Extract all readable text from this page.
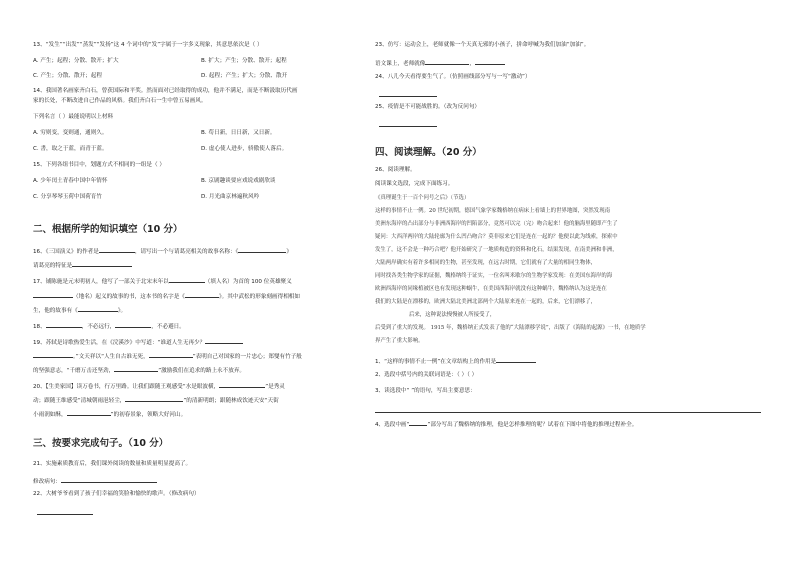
13、“发生”“出发”“蒸发”“发扬”这 4 个词中的“发”字属于一字多义现象，其意思依次是（ ）
A. 产生；起程；分散、散开；扩大	B. 扩大；产生；分散、散开；起程
C. 产生；分散、散开；起程	D. 起程；产生；扩大；分散、散开
14、我国著名画家齐白石，曾获国际和平奖。然而面对已经取得的成功，他并不满足，而是不断汲取历代画
家的长处，不断改进自己作品的风格。我们齐白石一生中曾五易画风。
下列名言（ ）最能说明以上材料
A. 穷则变，变则通，通则久。	B. 苟日新，日日新，又日新。
C. 書，取之于蓝，而青于蓝。	D. 虚心使人进步，骄傲使人落后。
15、下列各组书目中，划题方式不相同的一组是（ ）
A. 少年闰土青春中国中年情怀	B. 京剧趣谈要应戏说戏剧欣谈
C. 分享琴琴玉荷中国荷育竹	D. 月光曲京林遍秋风吟
二、根据所学的知识填空（10 分）
16、《三国演义》的作者是	，请写出一个与请葛亮相关的故事名称：《	》
请葛亮的特征是
17、铺陈施是元末明初人，他写了一部关于北宋末年以	（填人名）为首的 100 位英雄聚义
（地名）起义的故事的书，这本书的名字是《	》。其中武松的形象刻画得相相如
生，他的故事有《	》。
18、	，不必远行，	，不必避日。
19、苏轼是诗歌热爱生活，在《浣溪沙》中写道：“谁道人生无再少？
。”文天祥以“人生自古谁无死，	”表明自己对国家的一片忠心；郑燮有竹子般
的坚强意志，“千磨万击还坚劲，	”激励我们在追求的路上永不放弃。
20、【生美家国】读万卷书，行万里路。让我们跟随王观感受“水是眼波横，	”是秀灵
动；跟随王维感受“清城朝雨浥轻尘，	”的清新明朗；跟随林成饮迹天安“天街
小雨润如酥，	”的初春景象，领略大好河山。
三、按要求完成句子。（10 分）
21、实施素质教育后，我们课外阅读的数量和质量明显提高了。
修改病句：
22、大树爷爷看到了孩子们幸福的笑脸和愉快的歌声。（修改病句）
23、仿写：运动会上，老师就像一个天真无邪的小孩子，拼命呼喊为我们加油“加油”。
语文课上，老师就像	，
24、八儿今天看得要生气了。（仿照画线部分写与一写“激动”）
25、疫情是不可能战胜的。（改为反问句）
四、阅读理解。（20 分）
26、阅读理解。
阅读课文选段，完成下面练习。
《真理诞生于一百个问号之后》（节选）
这样的事情不止一例。20 世纪初期，德国气象学家魏格纳在病床上看墙上的世界地图，突然发现南
美洲东海岸的凸出部分与非洲西海岸的凹陷部分，竟然可以完（完）吻合起来！他的脑海里随即产生了
疑问：大西洋两岸的大陆轮廓为什么凹凸吻合？莫非原来它们是连在一起的？他便以此为线索，探索中
发生了，这不会是一种巧合吧？他开始研究了一地质构造的资料和化石，结果发现，在南美洲和非洲，
大陆两岸确实有着许多相同的生物，甚至发现，在远古时期，它们就有了大量的相同生物体，
同时找各类生物学家的证据，魏格纳终于证实，一位名叫米歇尔的生物学家发现：在美国东海岸的海
欧洲西海岸的同缘植被区也有发现这种蜗牛，在美国西海岸就没有这种蜗牛，魏格纳认为这是连在
我们的大陆是在漂移的，欧洲大陆北美洲北部两个大陆原来连在一起的，后来，它们漂移了，
后来，这种说法慢慢被人所接受了，
后受到了重大的发现。 1915 年，魏格纳正式发表了他的“大陆漂移学说”，出版了《海陆的起源》一书，在地质学
界产生了重大影响。
1、“这样的事情不止一例”在文章结构上的作用是
2、选段中括号内的关联词语是：（ ）（ ）
3、读选段中“ ”的语句，写出主要意思：
4、选段中画“	”部分写出了魏格纳的推理，他是怎样推理的呢？试着在下图中将他的推理过程补全。
